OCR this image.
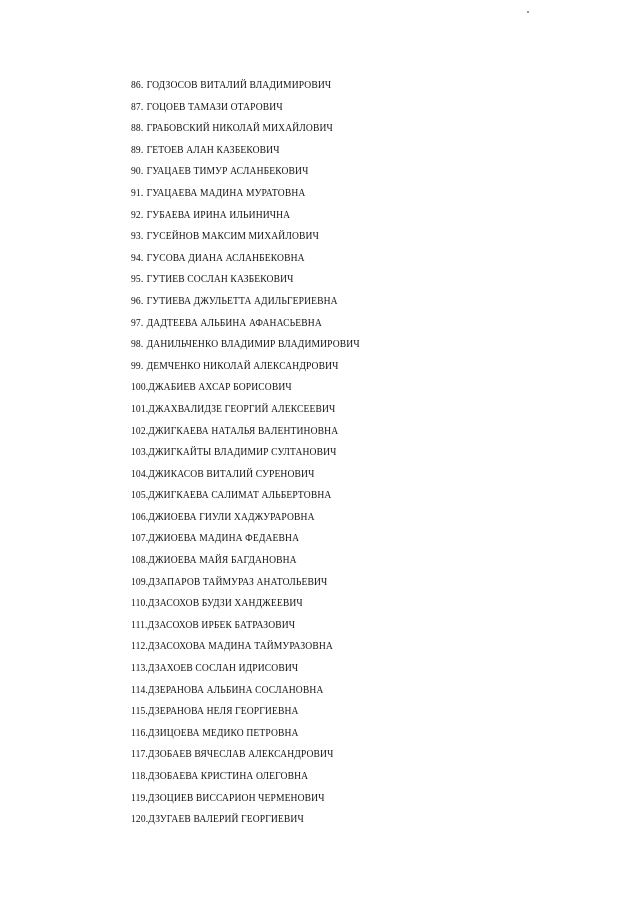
86. ГОДЗОСОВ ВИТАЛИЙ ВЛАДИМИРОВИЧ
87. ГОЦОЕВ ТАМАЗИ ОТАРОВИЧ
88. ГРАБОВСКИЙ НИКОЛАЙ МИХАЙЛОВИЧ
89. ГЕТОЕВ АЛАН КАЗБЕКОВИЧ
90. ГУАЦАЕВ ТИМУР АСЛАНБЕКОВИЧ
91. ГУАЦАЕВА МАДИНА МУРАТОВНА
92. ГУБАЕВА ИРИНА ИЛЬИНИЧНА
93. ГУСЕЙНОВ МАКСИМ МИХАЙЛОВИЧ
94. ГУСОВА ДИАНА АСЛАНБЕКОВНА
95. ГУТИЕВ СОСЛАН КАЗБЕКОВИЧ
96. ГУТИЕВА ДЖУЛЬЕТТА АДИЛЬГЕРИЕВНА
97. ДАДТЕЕВА АЛЬБИНА АФАНАСЬЕВНА
98. ДАНИЛЬЧЕНКО ВЛАДИМИР ВЛАДИМИРОВИЧ
99. ДЕМЧЕНКО НИКОЛАЙ АЛЕКСАНДРОВИЧ
100.ДЖАБИЕВ АХСАР БОРИСОВИЧ
101.ДЖАХВАЛИДЗЕ ГЕОРГИЙ АЛЕКСЕЕВИЧ
102.ДЖИГКАЕВА НАТАЛЬЯ ВАЛЕНТИНОВНА
103.ДЖИГКАЙТЫ ВЛАДИМИР СУЛТАНОВИЧ
104.ДЖИКАСОВ ВИТАЛИЙ СУРЕНОВИЧ
105.ДЖИГКАЕВА САЛИМАТ АЛЬБЕРТОВНА
106.ДЖИОЕВА ГИУЛИ ХАДЖУРАРОВНА
107.ДЖИОЕВА МАДИНА ФЕДАЕВНА
108.ДЖИОЕВА МАЙЯ БАГДАНОВНА
109.ДЗАПАРОВ ТАЙМУРАЗ АНАТОЛЬЕВИЧ
110.ДЗАСОХОВ БУДЗИ ХАНДЖЕЕВИЧ
111.ДЗАСОХОВ ИРБЕК БАТРАЗОВИЧ
112.ДЗАСОХОВА МАДИНА ТАЙМУРАЗОВНА
113.ДЗАХОЕВ СОСЛАН ИДРИСОВИЧ
114.ДЗЕРАНОВА АЛЬБИНА СОСЛАНОВНА
115.ДЗЕРАНОВА НЕЛЯ ГЕОРГИЕВНА
116.ДЗИЦОЕВА МЕДИКО ПЕТРОВНА
117.ДЗОБАЕВ ВЯЧЕСЛАВ АЛЕКСАНДРОВИЧ
118.ДЗОБАЕВА КРИСТИНА ОЛЕГОВНА
119.ДЗОЦИЕВ ВИССАРИОН ЧЕРМЕНОВИЧ
120.ДЗУГАЕВ ВАЛЕРИЙ ГЕОРГИЕВИЧ
